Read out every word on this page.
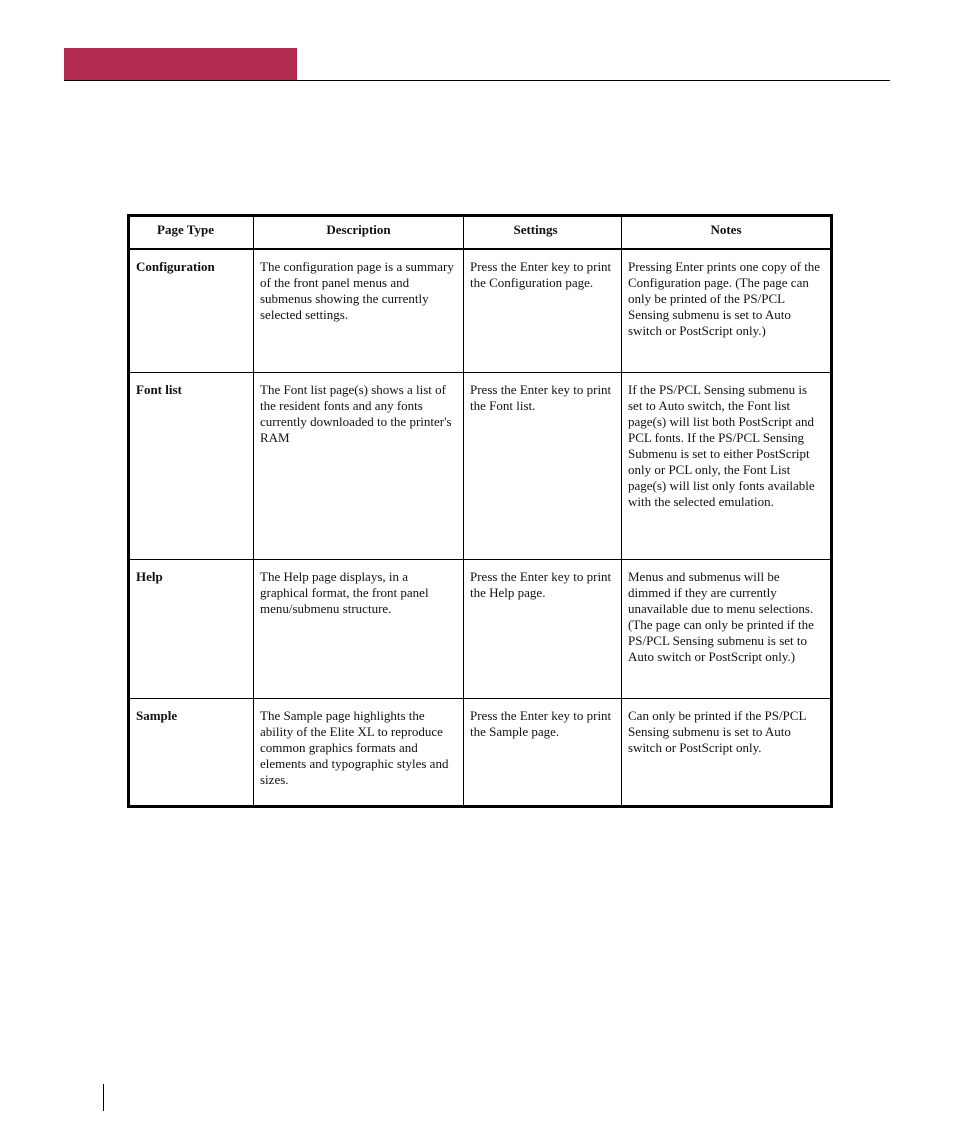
Page Type	Description	Settings	Notes
Configuration	The configuration page is a summary of the front panel menus and submenus showing the currently selected settings.	Press the Enter key to print the Configuration page.	Pressing Enter prints one copy of the Configuration page. (The page can only be printed of the PS/PCL Sensing submenu is set to Auto switch or PostScript only.)
Font list	The Font list page(s) shows a list of the resident fonts and any fonts currently downloaded to the printer's RAM	Press the Enter key to print the Font list.	If the PS/PCL Sensing submenu is set to Auto switch, the Font list page(s) will list both PostScript and PCL fonts. If the PS/PCL Sensing Submenu is set to either PostScript only or PCL only, the Font List page(s) will list only fonts available with the selected emulation.
Help	The Help page displays, in a graphical format, the front panel menu/submenu structure.	Press the Enter key to print the Help page.	Menus and submenus will be dimmed if they are currently unavailable due to menu selections. (The page can only be printed if the PS/PCL Sensing submenu is set to Auto switch or PostScript only.)
Sample	The Sample page highlights the ability of the Elite XL to reproduce common graphics formats and elements and typographic styles and sizes.	Press the Enter key to print the Sample page.	Can only be printed if the PS/PCL Sensing submenu is set to Auto switch or PostScript only.
